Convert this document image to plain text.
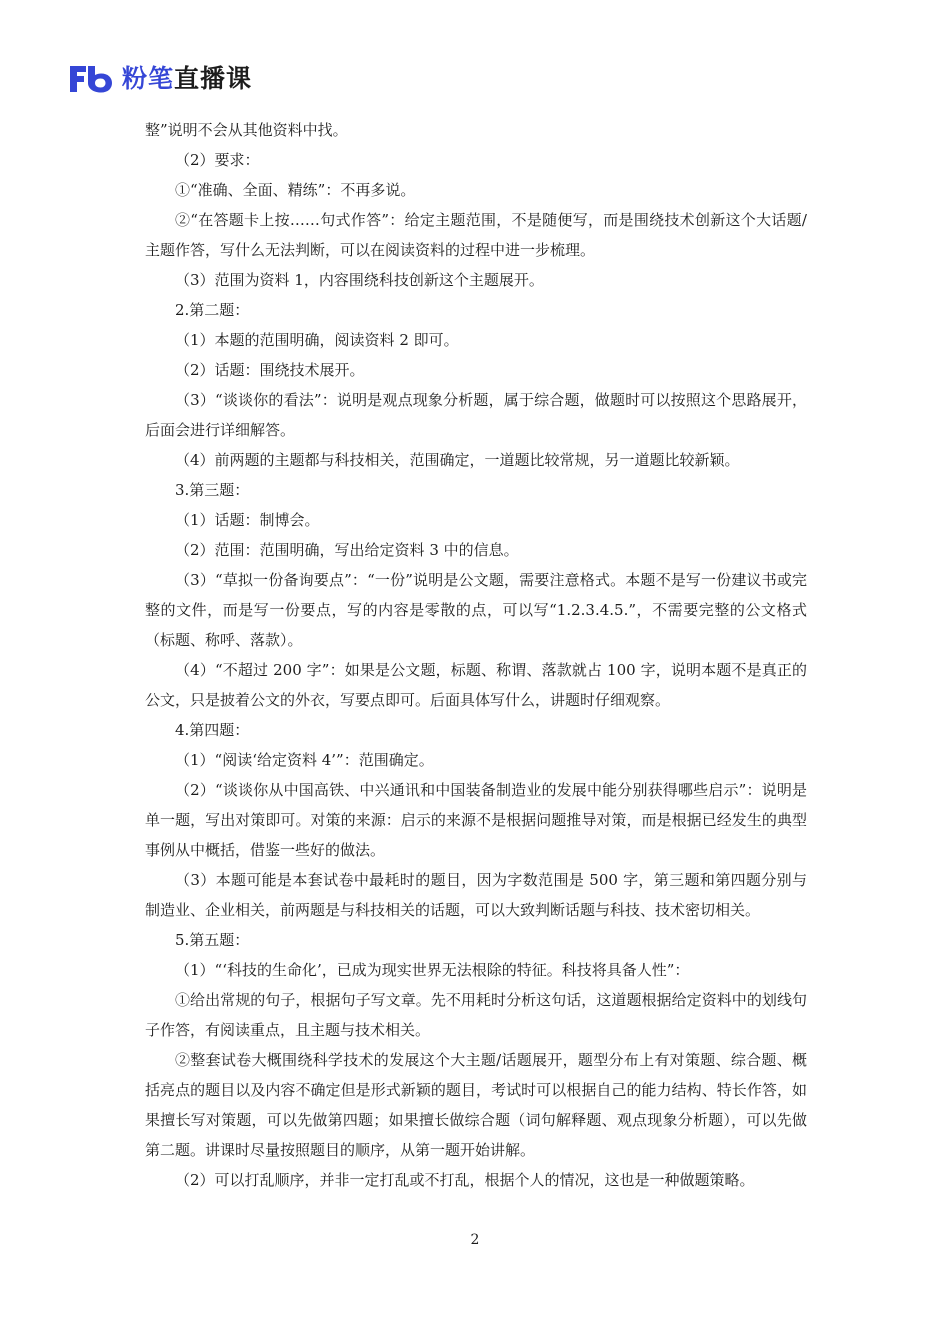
粉笔直播课

整”说明不会从其他资料中找。

（2）要求：

①“准确、全面、精练”：不再多说。

②“在答题卡上按……句式作答”：给定主题范围，不是随便写，而是围绕技术创新这个大话题/主题作答，写什么无法判断，可以在阅读资料的过程中进一步梳理。

（3）范围为资料 1，内容围绕科技创新这个主题展开。

2.第二题：

（1）本题的范围明确，阅读资料 2 即可。

（2）话题：围绕技术展开。

（3）“谈谈你的看法”：说明是观点现象分析题，属于综合题，做题时可以按照这个思路展开，后面会进行详细解答。

（4）前两题的主题都与科技相关，范围确定，一道题比较常规，另一道题比较新颖。

3.第三题：

（1）话题：制博会。

（2）范围：范围明确，写出给定资料 3 中的信息。

（3）“草拟一份备询要点”：“一份”说明是公文题，需要注意格式。本题不是写一份建议书或完整的文件，而是写一份要点，写的内容是零散的点，可以写“1.2.3.4.5.”，不需要完整的公文格式（标题、称呼、落款）。

（4）“不超过 200 字”：如果是公文题，标题、称谓、落款就占 100 字，说明本题不是真正的公文，只是披着公文的外衣，写要点即可。后面具体写什么，讲题时仔细观察。

4.第四题：

（1）“阅读‘给定资料 4’”：范围确定。

（2）“谈谈你从中国高铁、中兴通讯和中国装备制造业的发展中能分别获得哪些启示”：说明是单一题，写出对策即可。对策的来源：启示的来源不是根据问题推导对策，而是根据已经发生的典型事例从中概括，借鉴一些好的做法。

（3）本题可能是本套试卷中最耗时的题目，因为字数范围是 500 字，第三题和第四题分别与制造业、企业相关，前两题是与科技相关的话题，可以大致判断话题与科技、技术密切相关。

5.第五题：

（1）“‘科技的生命化’，已成为现实世界无法根除的特征。科技将具备人性”：

①给出常规的句子，根据句子写文章。先不用耗时分析这句话，这道题根据给定资料中的划线句子作答，有阅读重点，且主题与技术相关。

②整套试卷大概围绕科学技术的发展这个大主题/话题展开，题型分布上有对策题、综合题、概括亮点的题目以及内容不确定但是形式新颖的题目，考试时可以根据自己的能力结构、特长作答，如果擅长写对策题，可以先做第四题；如果擅长做综合题（词句解释题、观点现象分析题），可以先做第二题。讲课时尽量按照题目的顺序，从第一题开始讲解。

（2）可以打乱顺序，并非一定打乱或不打乱，根据个人的情况，这也是一种做题策略。

2
